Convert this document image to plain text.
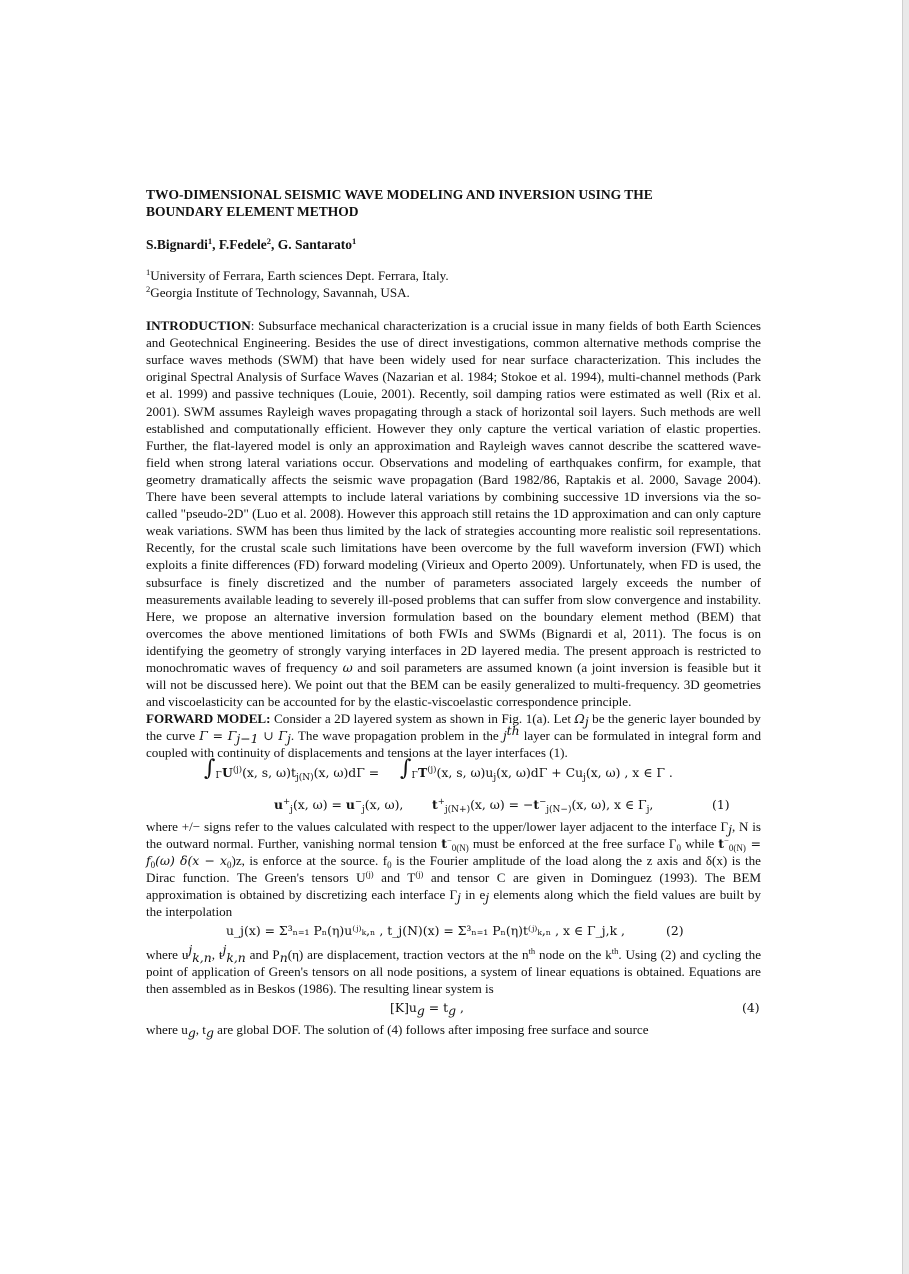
TWO-DIMENSIONAL SEISMIC WAVE MODELING AND INVERSION USING THE
BOUNDARY ELEMENT METHOD
S.Bignardi$^1$, F.Fedele$^2$, G. Santarato$^1$
$^1$University of Ferrara, Earth sciences Dept. Ferrara, Italy.
$^2$Georgia Institute of Technology, Savannah, USA.

INTRODUCTION: Subsurface mechanical characterization is a crucial issue in many fields of both Earth Sciences and Geotechnical Engineering. Besides the use of direct investigations, common alternative methods comprise the surface waves methods (SWM) that have been widely used for near surface characterization. This includes the original Spectral Analysis of Surface Waves (Nazarian et al. 1984; Stokoe et al. 1994), multi-channel methods (Park et al. 1999) and passive techniques (Louie, 2001). Recently, soil damping ratios were estimated as well (Rix et al. 2001). SWM assumes Rayleigh waves propagating through a stack of horizontal soil layers. Such methods are well established and computationally efficient. However they only capture the vertical variation of elastic properties. Further, the flat-layered model is only an approximation and Rayleigh waves cannot describe the scattered wave-field when strong lateral variations occur. Observations and modeling of earthquakes confirm, for example, that geometry dramatically affects the seismic wave propagation (Bard 1982/86, Raptakis et al. 2000, Savage 2004). There have been several attempts to include lateral variations by combining successive 1D inversions via the so-called "pseudo-2D" (Luo et al. 2008). However this approach still retains the 1D approximation and can only capture weak variations. SWM has been thus limited by the lack of strategies accounting more realistic soil representations. Recently, for the crustal scale such limitations have been overcome by the full waveform inversion (FWI) which exploits a finite differences (FD) forward modeling (Virieux and Operto 2009). Unfortunately, when FD is used, the subsurface is finely discretized and the number of parameters associated largely exceeds the number of measurements available leading to severely ill-posed problems that can suffer from slow convergence and instability. Here, we propose an alternative inversion formulation based on the boundary element method (BEM) that overcomes the above mentioned limitations of both FWIs and SWMs (Bignardi et al, 2011). The focus is on identifying the geometry of strongly varying interfaces in 2D layered media. The present approach is restricted to monochromatic waves of frequency ω and soil parameters are assumed known (a joint inversion is feasible but it will not be discussed here). We point out that the BEM can be easily generalized to multi-frequency. 3D geometries and viscoelasticity can be accounted for by the elastic-viscoelastic correspondence principle.

FORWARD MODEL: Consider a 2D layered system as shown in Fig. 1(a). Let $\Omega_j$ be the generic layer bounded by the curve $\Gamma = \Gamma_{j-1}$ ∪ $\Gamma_j$. The wave propagation problem in the $j^{th}$ layer can be formulated in integral form and coupled with continuity of displacements and tensions at the layer interfaces (1).

$\int_\Gamma$ $U^{(j)}(x$, s, $\omega)t_{j(N)}(x$, $\omega)d\Gamma = \int_\Gamma$ $T^{(j)}(x$, s, $\omega)u_j(x$, $\omega)d\Gamma + Cu_j(x$, ω) , x ∈ Γ .
$u^+_j(x$, $\omega) = u^-_j(x$, ω), $t^+_{j(N+)}(x$, $\omega) = -t^-_{j(N-)}(x$, ω), x ∈ $\Gamma_j$,	(1)

where +/− signs refer to the values calculated with respect to the upper/lower layer adjacent to the interface $\Gamma_j$, N is the outward normal. Further, vanishing normal tension $t^-_{0(N)}$ must be enforced at the free surface $\Gamma_0$ while $t^-_{0(N)} = f_0(\omega) \delta(x - x_0)z$, is enforce at the source. $f_0$ is the Fourier amplitude of the load along the z axis and δ(x) is the Dirac function. The Green's tensors $U^{(j)}$ and $T^{(j)}$ and tensor C are given in Dominguez (1993). The BEM approximation is obtained by discretizing each interface $\Gamma_j$ in $e_j$ elements along which the field values are built by the interpolation

u_j(x) = Σ³ₙ₌₁ Pₙ(η)u⁽ʲ⁾ₖ,ₙ , t_j(N)(x) = Σ³ₙ₌₁ Pₙ(η)t⁽ʲ⁾ₖ,ₙ , x ∈ Γ_j,k ,	(2)

where $u^j_{k,n}$, $t^j_{k,n}$ and $P_n(\eta)$ are displacement, traction vectors at the $n^{th}$ node on the $k^{th}$. Using (2) and cycling the point of application of Green's tensors on all node positions, a system of linear equations is obtained. Equations are then assembled as in Beskos (1986). The resulting linear system is

$[K]u_g = t_g$ ,	(4)

where $u_g$, $t_g$ are global DOF. The solution of (4) follows after imposing free surface and source
